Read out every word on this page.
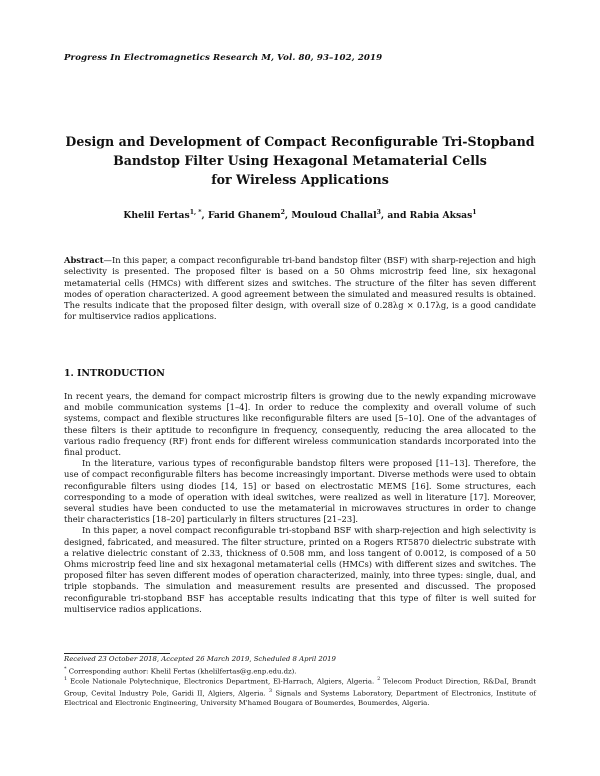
Progress In Electromagnetics Research M, Vol. 80, 93–102, 2019
Design and Development of Compact Reconfigurable Tri-Stopband
Bandstop Filter Using Hexagonal Metamaterial Cells
for Wireless Applications
Khelil Fertas$^{1, *}$, Farid Ghanem$^2$, Mouloud Challal$^3$, and Rabia Aksas$^1$
Abstract—In this paper, a compact reconfigurable tri-band bandstop filter (BSF) with sharp-rejection and high selectivity is presented. The proposed filter is based on a 50 Ohms microstrip feed line, six hexagonal metamaterial cells (HMCs) with different sizes and switches. The structure of the filter has seven different modes of operation characterized. A good agreement between the simulated and measured results is obtained. The results indicate that the proposed filter design, with overall size of 0.28λg × 0.17λg, is a good candidate for multiservice radios applications.
1. INTRODUCTION

In recent years, the demand for compact microstrip filters is growing due to the newly expanding microwave and mobile communication systems [1–4]. In order to reduce the complexity and overall volume of such systems, compact and flexible structures like reconfigurable filters are used [5–10]. One of the advantages of these filters is their aptitude to reconfigure in frequency, consequently, reducing the area allocated to the various radio frequency (RF) front ends for different wireless communication standards incorporated into the final product.

In the literature, various types of reconfigurable bandstop filters were proposed [11–13]. Therefore, the use of compact reconfigurable filters has become increasingly important. Diverse methods were used to obtain reconfigurable filters using diodes [14, 15] or based on electrostatic MEMS [16]. Some structures, each corresponding to a mode of operation with ideal switches, were realized as well in literature [17]. Moreover, several studies have been conducted to use the metamaterial in microwaves structures in order to change their characteristics [18–20] particularly in filters structures [21–23].

In this paper, a novel compact reconfigurable tri-stopband BSF with sharp-rejection and high selectivity is designed, fabricated, and measured. The filter structure, printed on a Rogers RT5870 dielectric substrate with a relative dielectric constant of 2.33, thickness of 0.508 mm, and loss tangent of 0.0012, is composed of a 50 Ohms microstrip feed line and six hexagonal metamaterial cells (HMCs) with different sizes and switches. The proposed filter has seven different modes of operation characterized, mainly, into three types: single, dual, and triple stopbands. The simulation and measurement results are presented and discussed. The proposed reconfigurable tri-stopband BSF has acceptable results indicating that this type of filter is well suited for multiservice radios applications.

Received 23 October 2018, Accepted 26 March 2019, Scheduled 8 April 2019
* Corresponding author: Khelil Fertas (khelilfertas@g.enp.edu.dz).
$^1$ Ecole Nationale Polytechnique, Electronics Department, El-Harrach, Algiers, Algeria. $^2$ Telecom Product Direction, R&DaI, Brandt Group, Cevital Industry Pole, Garidi II, Algiers, Algeria. $^3$ Signals and Systems Laboratory, Department of Electronics, Institute of Electrical and Electronic Engineering, University M'hamed Bougara of Boumerdes, Boumerdes, Algeria.
